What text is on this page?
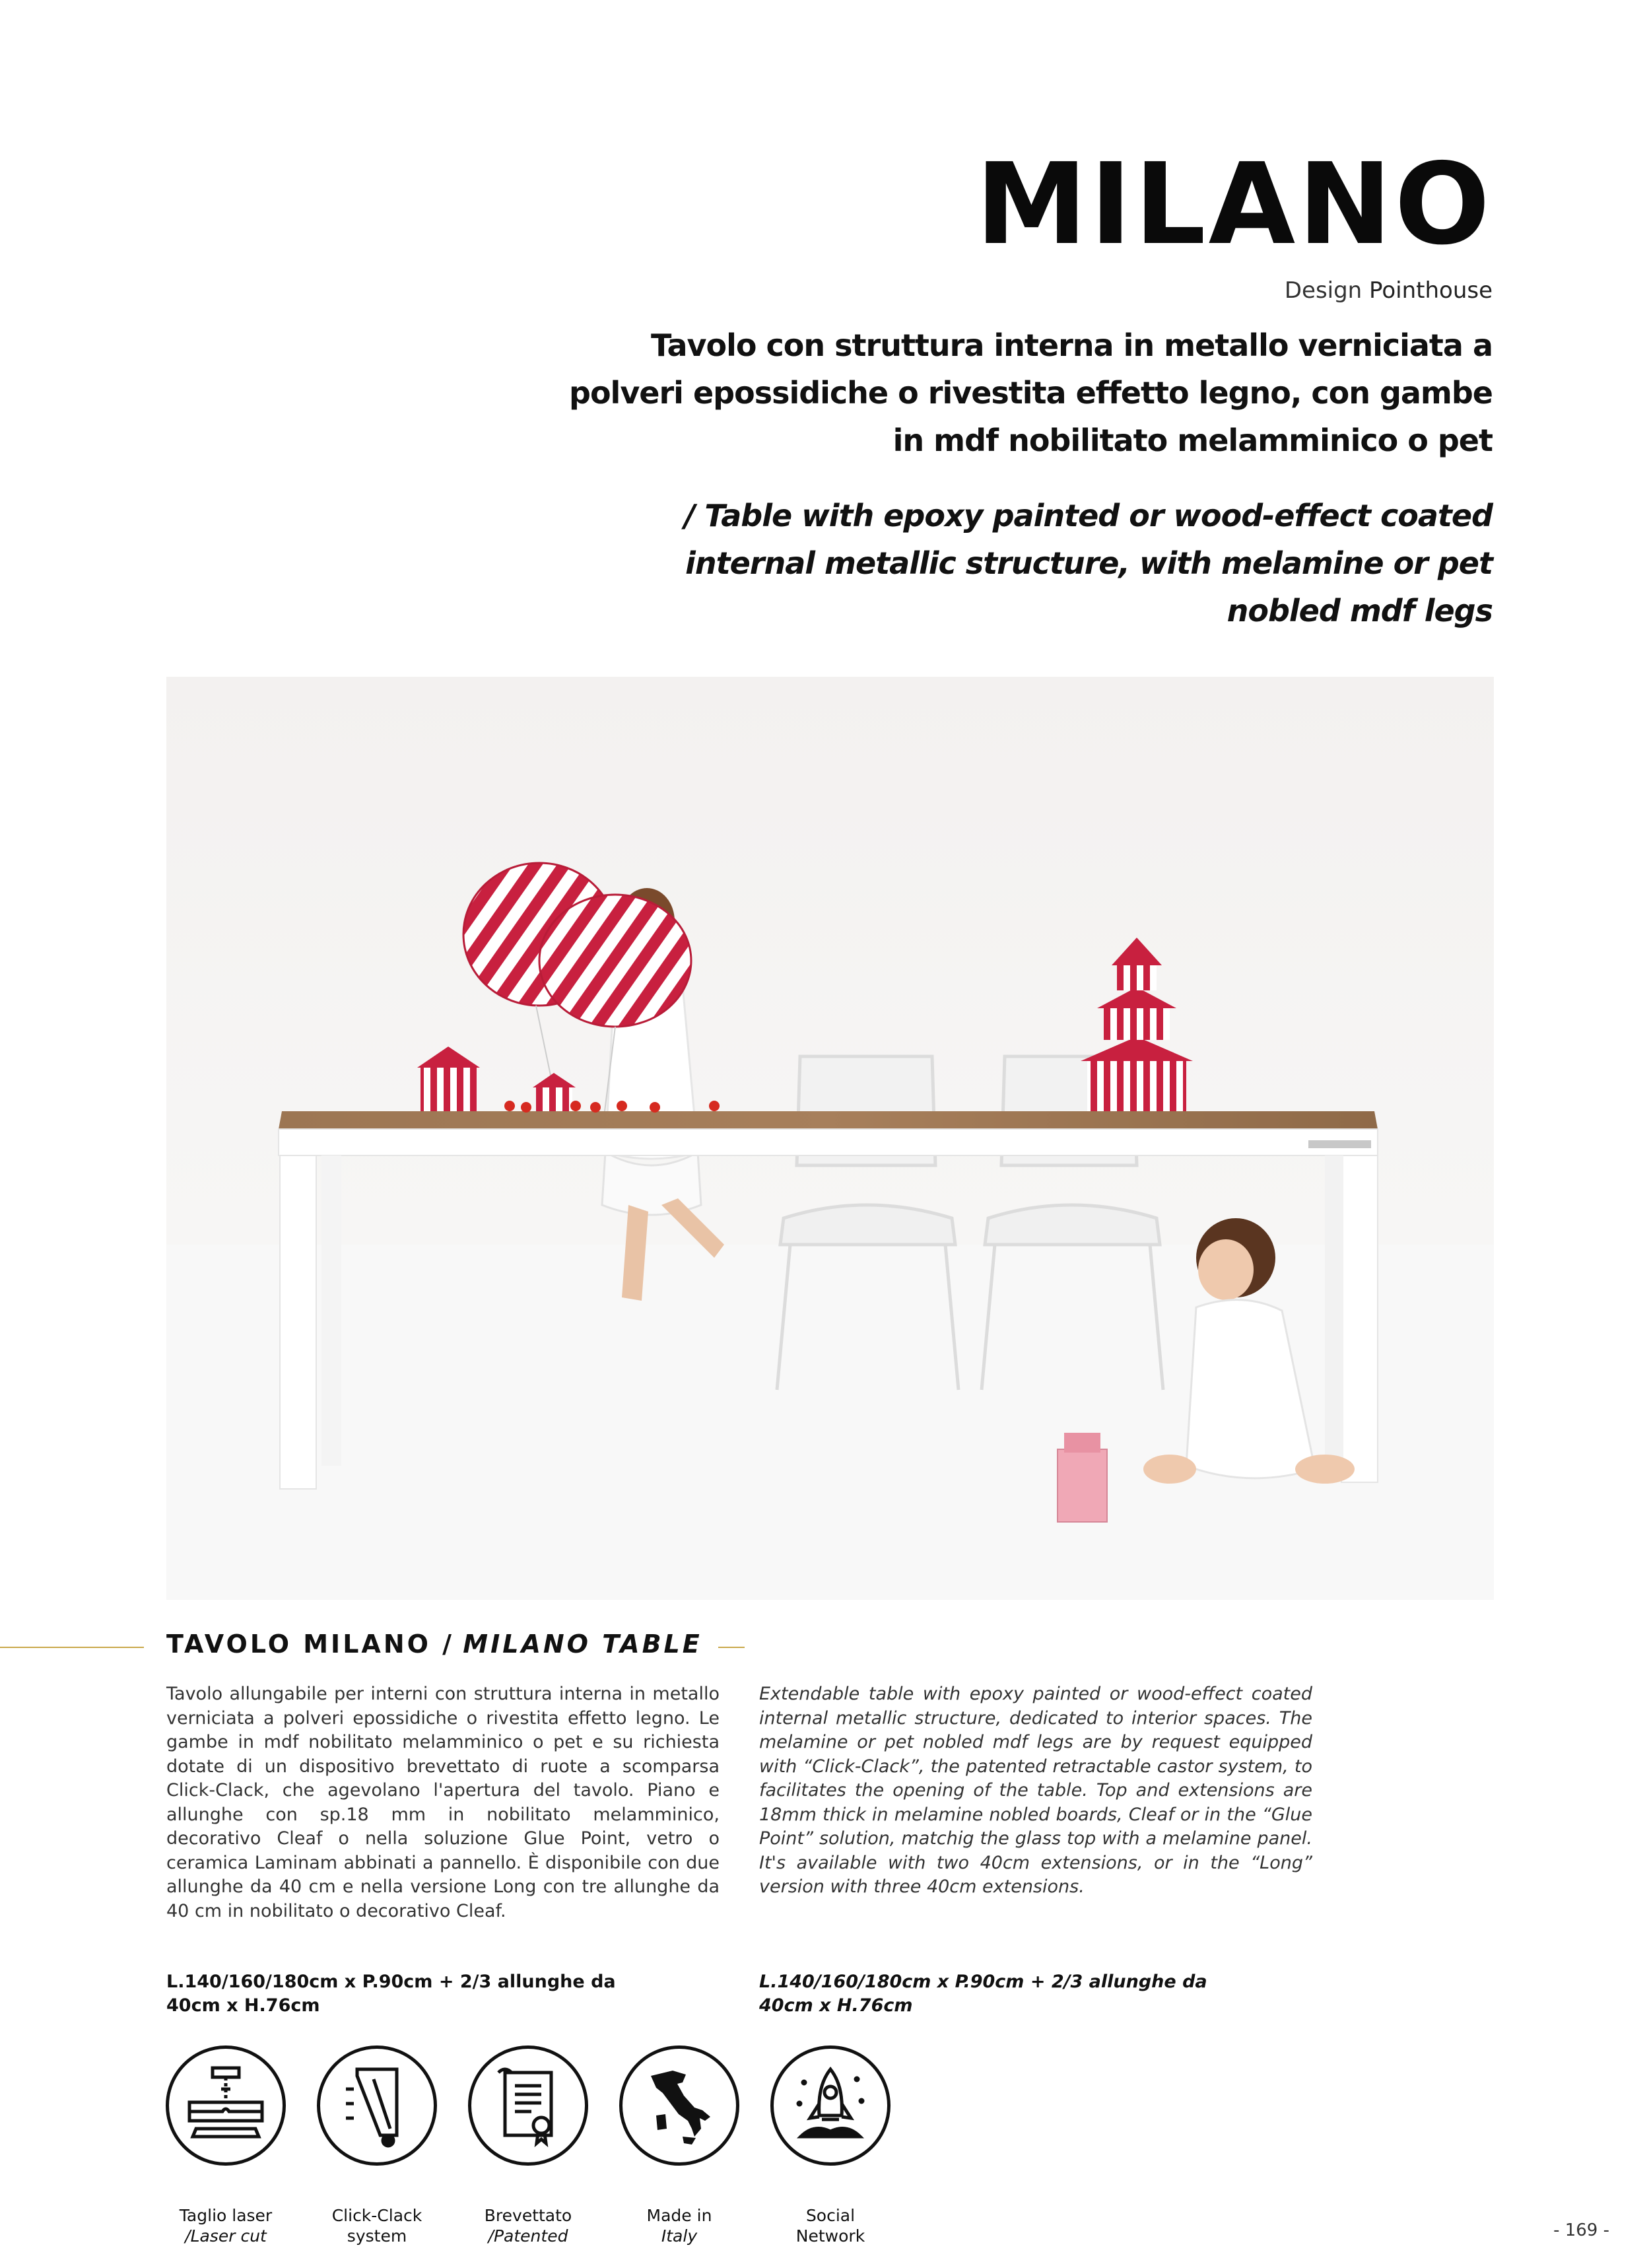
MILANO
Design Pointhouse
Tavolo con struttura interna in metallo verniciata a polveri epossidiche o rivestita effetto legno, con gambe in mdf nobilitato melamminico o pet
/ Table with epoxy painted or wood-effect coated internal metallic structure, with melamine or pet nobled mdf legs
TAVOLO MILANO / MILANO TABLE
Tavolo allungabile per interni con struttura interna in metallo verniciata a polveri epossidiche o rivestita effetto legno. Le gambe in mdf nobilitato melamminico o pet e su richiesta dotate di un dispositivo brevettato di ruote a scomparsa Click-Clack, che agevolano l'apertura del tavolo. Piano e allunghe con sp.18 mm in nobilitato melamminico, decorativo Cleaf o nella soluzione Glue Point, vetro o ceramica Laminam abbinati a pannello. È disponibile con due allunghe da 40 cm e nella versione Long con tre allunghe da 40 cm in nobilitato o decorativo Cleaf.
Extendable table with epoxy painted or wood-effect coated internal metallic structure, dedicated to interior spaces. The melamine or pet nobled mdf legs are by request equipped with “Click-Clack”, the patented retractable castor system, to facilitates the opening of the table. Top and extensions are 18mm thick in melamine nobled boards, Cleaf or in the “Glue Point” solution, matchig the glass top with a melamine panel. It's available with two 40cm extensions, or in the “Long” version with three 40cm extensions.
L.140/160/180cm x P.90cm + 2/3 allunghe da 40cm x H.76cm
L.140/160/180cm x P.90cm + 2/3 allunghe da 40cm x H.76cm
Taglio laser
/Laser cut
Click-Clack
system
Brevettato
/Patented
Made in
Italy
Social
Network	- 169 -
